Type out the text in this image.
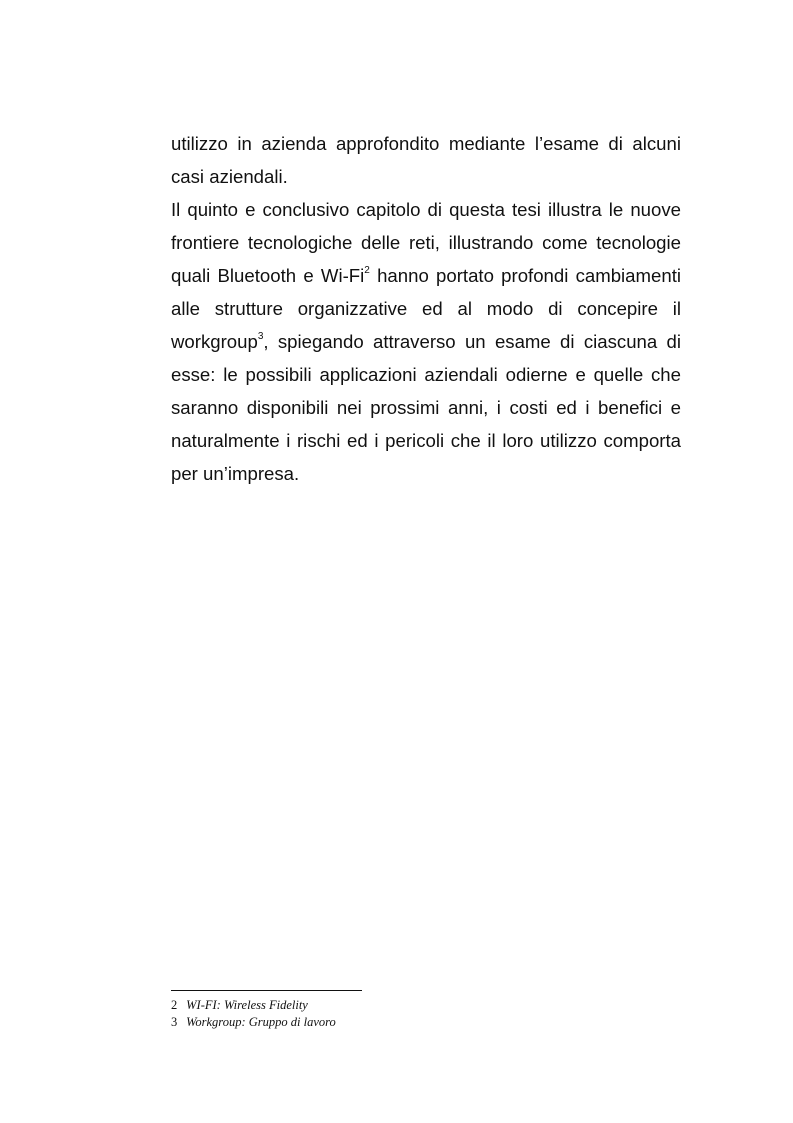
utilizzo in azienda approfondito mediante l’esame di alcuni
casi aziendali.

Il quinto e conclusivo capitolo di questa tesi illustra le nuove
frontiere tecnologiche delle reti, illustrando come tecnologie
quali Bluetooth e Wi-Fi$^2$ hanno portato profondi cambiamenti
alle strutture organizzative ed al modo di concepire il
workgroup$^3$, spiegando attraverso un esame di ciascuna di
esse: le possibili applicazioni aziendali odierne e quelle che
saranno disponibili nei prossimi anni, i costi ed i benefici e
naturalmente i rischi ed i pericoli che il loro utilizzo comporta
per un’impresa.

2 WI-FI: Wireless Fidelity
3 Workgroup: Gruppo di lavoro
